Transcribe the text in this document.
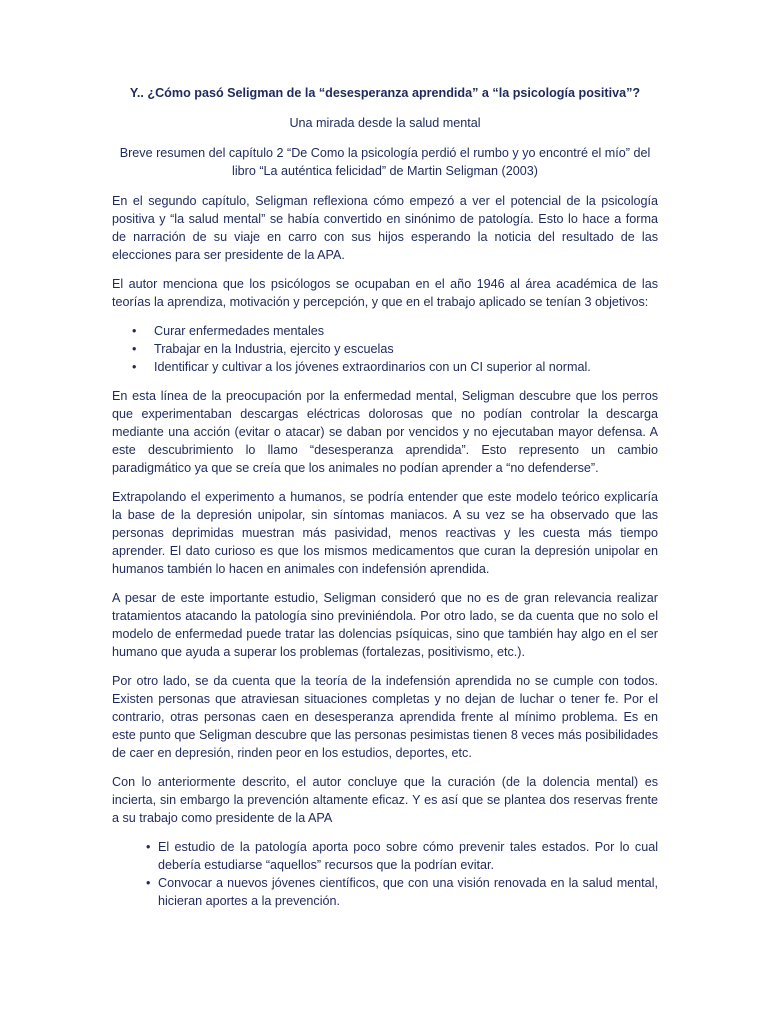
Y.. ¿Cómo pasó Seligman de la “desesperanza aprendida” a “la psicología positiva”?
Una mirada desde la salud mental
Breve resumen del capítulo 2 “De Como la psicología perdió el rumbo y yo encontré el mío” del
libro “La auténtica felicidad” de Martin Seligman (2003)

En el segundo capítulo, Seligman reflexiona cómo empezó a ver el potencial de la psicología positiva y “la salud mental” se había convertido en sinónimo de patología. Esto lo hace a forma de narración de su viaje en carro con sus hijos esperando la noticia del resultado de las elecciones para ser presidente de la APA.

El autor menciona que los psicólogos se ocupaban en el año 1946 al área académica de las teorías la aprendiza, motivación y percepción, y que en el trabajo aplicado se tenían 3 objetivos:

• Curar enfermedades mentales
• Trabajar en la Industria, ejercito y escuelas
• Identificar y cultivar a los jóvenes extraordinarios con un CI superior al normal.

En esta línea de la preocupación por la enfermedad mental, Seligman descubre que los perros que experimentaban descargas eléctricas dolorosas que no podían controlar la descarga mediante una acción (evitar o atacar) se daban por vencidos y no ejecutaban mayor defensa. A este descubrimiento lo llamo “desesperanza aprendida”. Esto represento un cambio paradigmático ya que se creía que los animales no podían aprender a “no defenderse”.

Extrapolando el experimento a humanos, se podría entender que este modelo teórico explicaría la base de la depresión unipolar, sin síntomas maniacos. A su vez se ha observado que las personas deprimidas muestran más pasividad, menos reactivas y les cuesta más tiempo aprender. El dato curioso es que los mismos medicamentos que curan la depresión unipolar en humanos también lo hacen en animales con indefensión aprendida.

A pesar de este importante estudio, Seligman consideró que no es de gran relevancia realizar tratamientos atacando la patología sino previniéndola. Por otro lado, se da cuenta que no solo el modelo de enfermedad puede tratar las dolencias psíquicas, sino que también hay algo en el ser humano que ayuda a superar los problemas (fortalezas, positivismo, etc.).

Por otro lado, se da cuenta que la teoría de la indefensión aprendida no se cumple con todos. Existen personas que atraviesan situaciones completas y no dejan de luchar o tener fe. Por el contrario, otras personas caen en desesperanza aprendida frente al mínimo problema. Es en este punto que Seligman descubre que las personas pesimistas tienen 8 veces más posibilidades de caer en depresión, rinden peor en los estudios, deportes, etc.

Con lo anteriormente descrito, el autor concluye que la curación (de la dolencia mental) es incierta, sin embargo la prevención altamente eficaz. Y es así que se plantea dos reservas frente a su trabajo como presidente de la APA

• El estudio de la patología aporta poco sobre cómo prevenir tales estados. Por lo cual debería estudiarse “aquellos” recursos que la podrían evitar.
• Convocar a nuevos jóvenes científicos, que con una visión renovada en la salud mental, hicieran aportes a la prevención.
